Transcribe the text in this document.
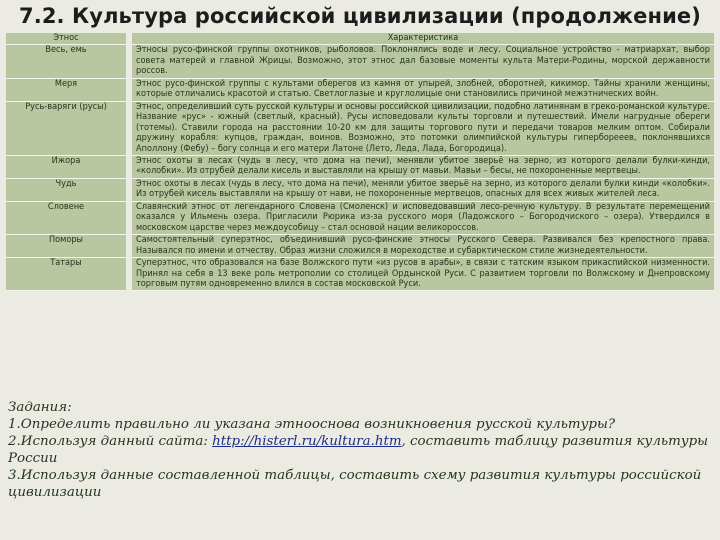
7.2. Культура российской цивилизации (продолжение)
Этнос	Характеристика
Весь, емь	Этносы русо-финской группы охотников, рыболовов. Поклонялись воде и лесу. Социальное устройство - матриархат, выбор совета матерей и главной Жрицы. Возможно, этот этнос дал базовые моменты культа Матери-Родины, морской державности россов.
Меря	Этнос русо-финской группы с культами оберегов из камня от упырей, злобней, оборотней, кикимор. Тайны хранили женщины, которые отличались красотой и статью. Светлоглазые и круглолицые они становились причиной межэтнических войн.
Русь-варяги (русы)	Этнос, определивший суть русской культуры и основы российской цивилизации, подобно латинянам в греко-романской культуре. Название «рус» - южный (светлый, красный). Русы исповедовали культы торговли и путешествий. Имели нагрудные обереги (тотемы). Ставили города на расстоянии 10-20 км для защиты торгового пути и передачи товаров мелким оптом. Собирали дружину корабля: купцов, граждан, воинов. Возможно, это потомки олимпийской культуры гиперборееев, поклонявшихся Аполлону (Фебу) – богу солнца и его матери Латоне (Лето, Леда, Лада, Богородица).
Ижора	Этнос охоты в лесах (чудь в лесу, что дома на печи), менявли убитое зверьё на зерно, из которого делали булки-кинди, «колобки». Из отрубей делали кисель и выставляли на крышу от мавьи. Мавьи – бесы, не похороненные мертвецы.
Чудь	Этнос охоты в лесах (чудь в лесу, что дома на печи), меняли убитое зверьё на зерно, из которого делали булки кинди «колобки». Из отрубей кисель выставляли на крышу от нави, не похороненные мертвецов, опасных для всех живых жителей леса.
Словене	Славянский этнос от легендарного Словена (Смоленск) и исповедовавший лесо-речную культуру. В результате перемещений оказался у Ильмень озера. Пригласили Рюрика из-за русского моря (Ладожского – Богородчиского – озера). Утвердился в московском царстве через междоусобицу – стал основой нации великороссов.
Поморы	Самостоятельный суперэтнос, объединивший русо-финские этносы Русского Севера. Развивался без крепостного права. Назывался по имени и отчеству. Образ жизни сложился в мореходстве и субарктическом стиле жизнедеятельности.
Татары	Суперэтнос, что образовался на базе Волжского пути «из русов в арабы», в связи с татским языком прикаспийской низменности. Принял на себя в 13 веке роль метрополии со столицей Ордынской Руси. С развитием торговли по Волжскому и Днепровскому торговым путям одновременно влился в состав московской Руси.

Задания:

1.Определить правильно ли указана этнооснова возникновения русской культуры?

2.Используя данный сайта: http://histerl.ru/kultura.htm, составить таблицу развития культуры России

3.Используя данные составленной таблицы, составить схему развития культуры российской цивилизации
